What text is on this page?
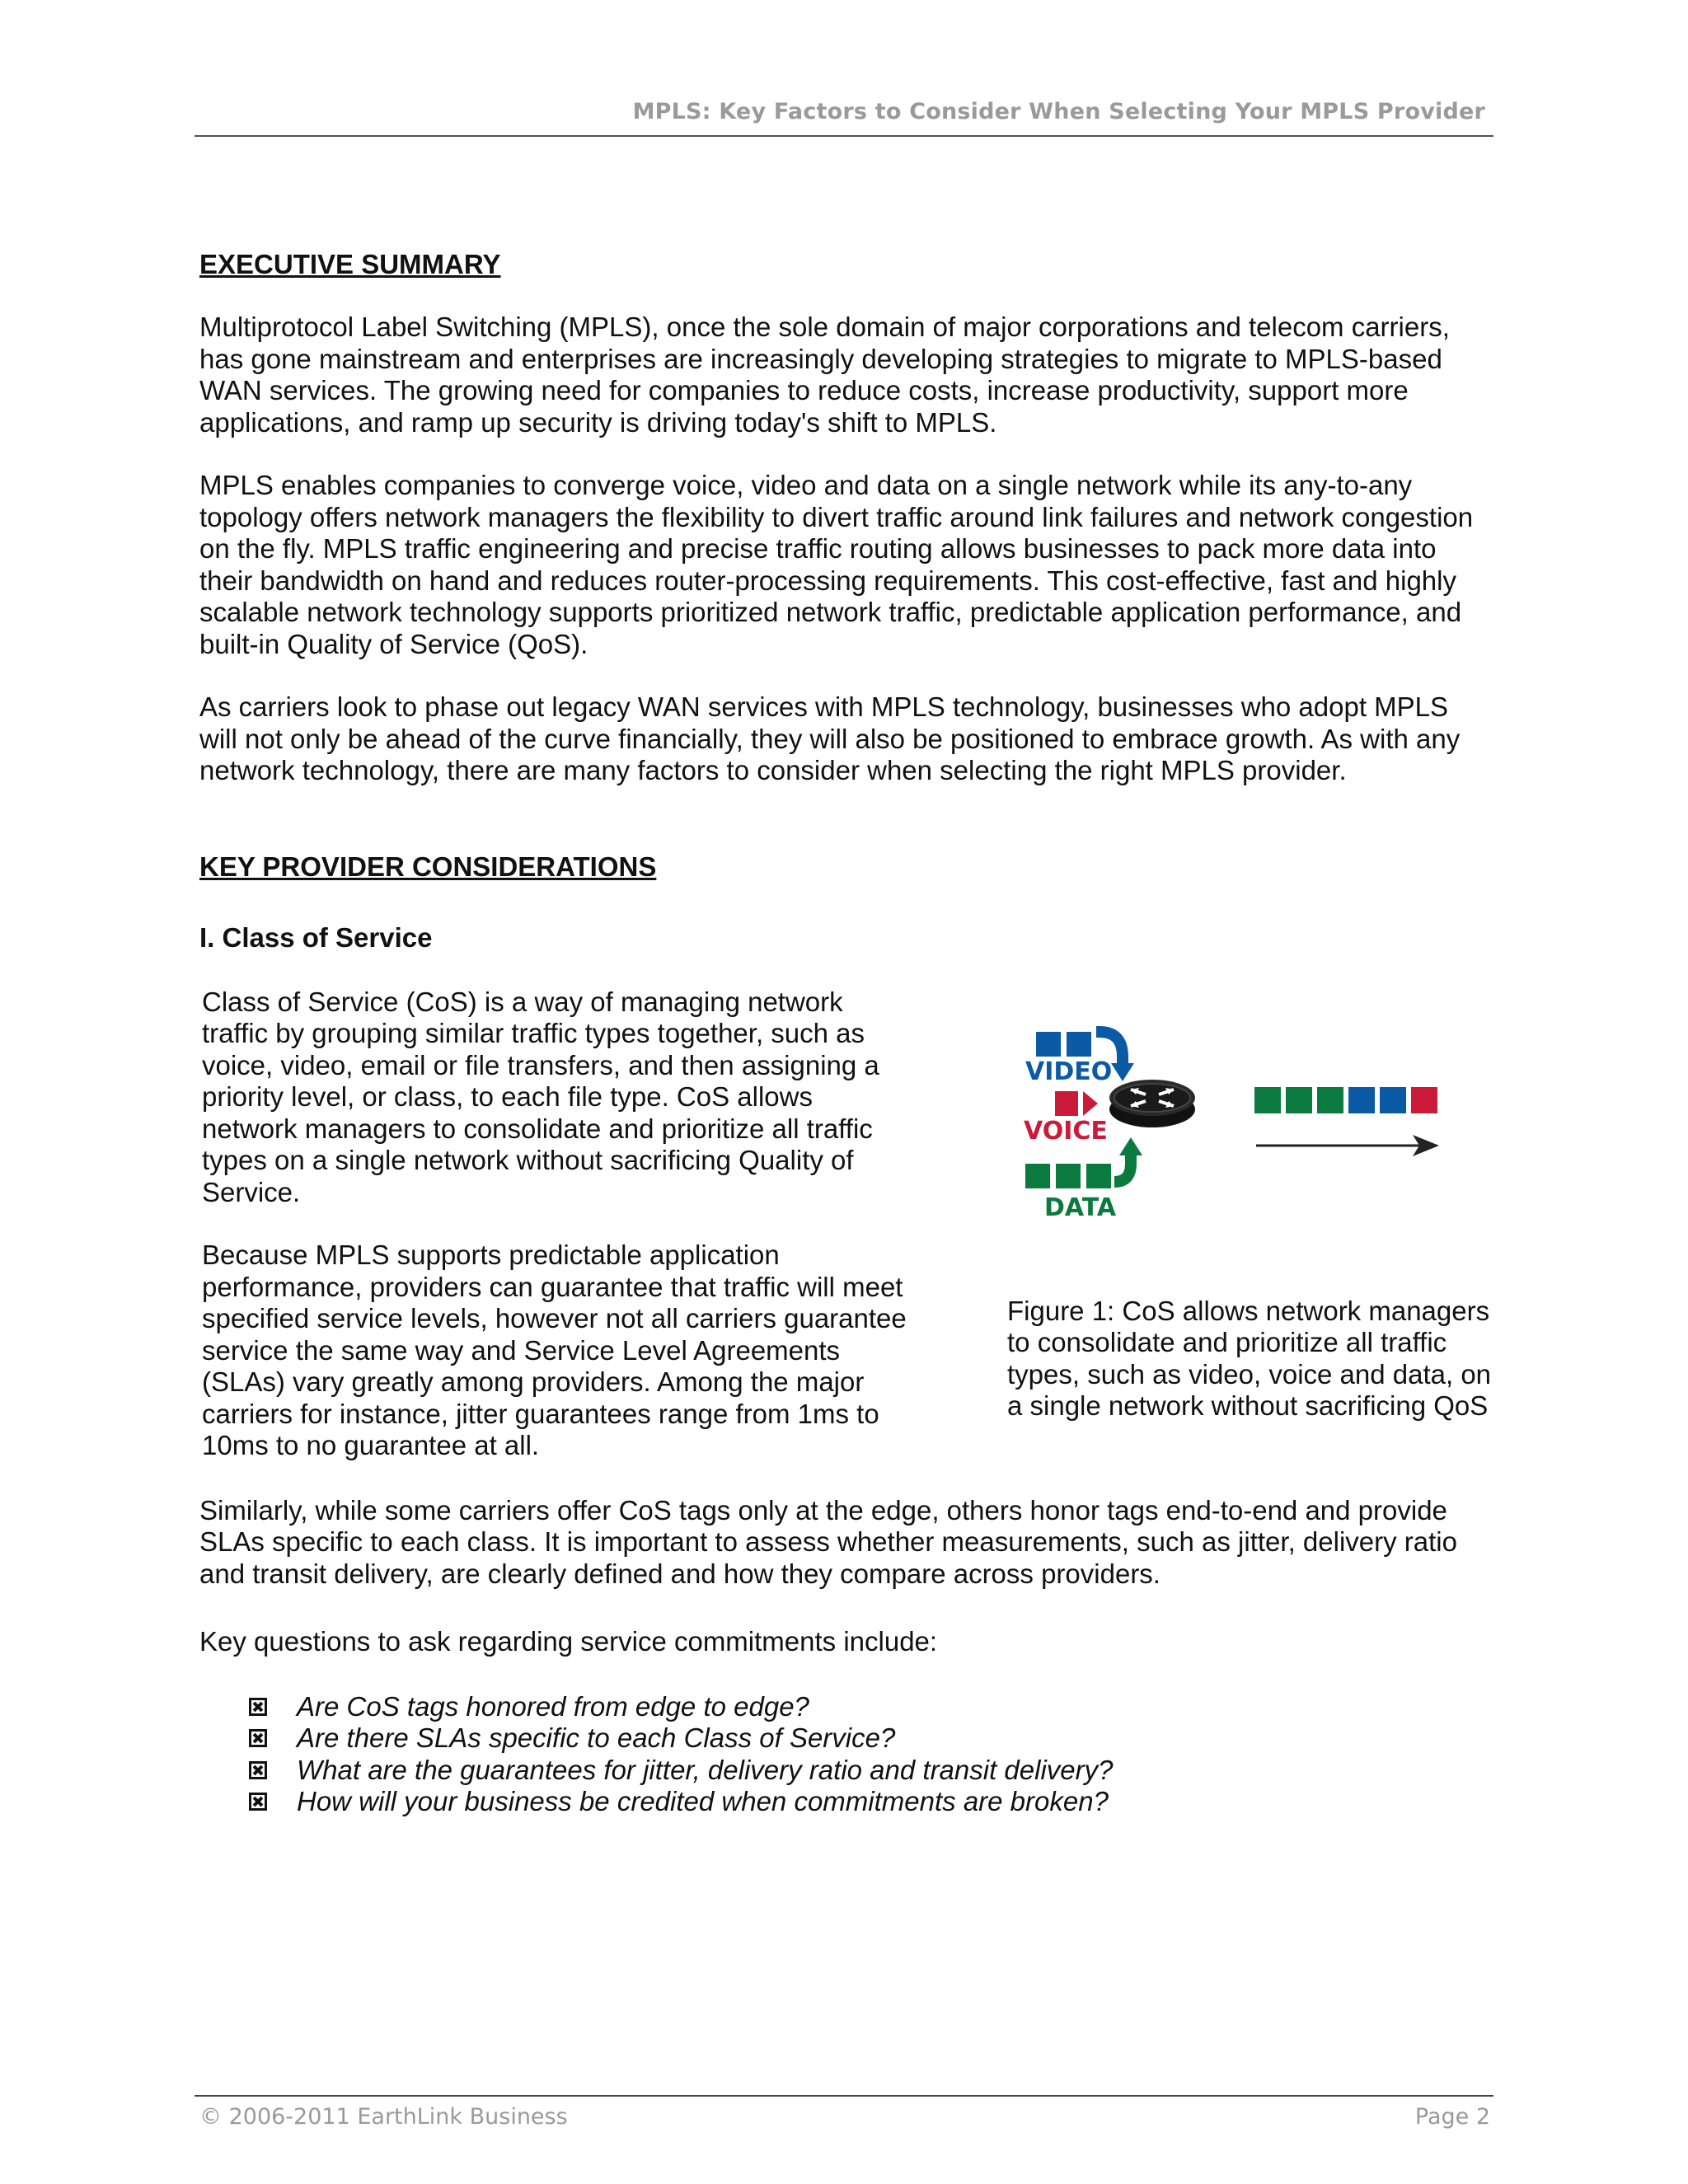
MPLS: Key Factors to Consider When Selecting Your MPLS Provider
EXECUTIVE SUMMARY

Multiprotocol Label Switching (MPLS), once the sole domain of major corporations and telecom carriers, has gone mainstream and enterprises are increasingly developing strategies to migrate to MPLS-based WAN services. The growing need for companies to reduce costs, increase productivity, support more applications, and ramp up security is driving today's shift to MPLS.

MPLS enables companies to converge voice, video and data on a single network while its any-to-any topology offers network managers the flexibility to divert traffic around link failures and network congestion on the fly. MPLS traffic engineering and precise traffic routing allows businesses to pack more data into their bandwidth on hand and reduces router-processing requirements. This cost-effective, fast and highly scalable network technology supports prioritized network traffic, predictable application performance, and built-in Quality of Service (QoS).

As carriers look to phase out legacy WAN services with MPLS technology, businesses who adopt MPLS will not only be ahead of the curve financially, they will also be positioned to embrace growth. As with any network technology, there are many factors to consider when selecting the right MPLS provider.

KEY PROVIDER CONSIDERATIONS
I. Class of Service

Class of Service (CoS) is a way of managing network traffic by grouping similar traffic types together, such as voice, video, email or file transfers, and then assigning a priority level, or class, to each file type. CoS allows network managers to consolidate and prioritize all traffic types on a single network without sacrificing Quality of Service.

Because MPLS supports predictable application performance, providers can guarantee that traffic will meet specified service levels, however not all carriers guarantee service the same way and Service Level Agreements (SLAs) vary greatly among providers. Among the major carriers for instance, jitter guarantees range from 1ms to 10ms to no guarantee at all.

VIDEO
VOICE
DATA

Figure 1: CoS allows network managers to consolidate and prioritize all traffic types, such as video, voice and data, on a single network without sacrificing QoS

Similarly, while some carriers offer CoS tags only at the edge, others honor tags end-to-end and provide SLAs specific to each class. It is important to assess whether measurements, such as jitter, delivery ratio and transit delivery, are clearly defined and how they compare across providers.

Key questions to ask regarding service commitments include:

Are CoS tags honored from edge to edge?
Are there SLAs specific to each Class of Service?
What are the guarantees for jitter, delivery ratio and transit delivery?
How will your business be credited when commitments are broken?
© 2006-2011 EarthLink Business	Page 2
